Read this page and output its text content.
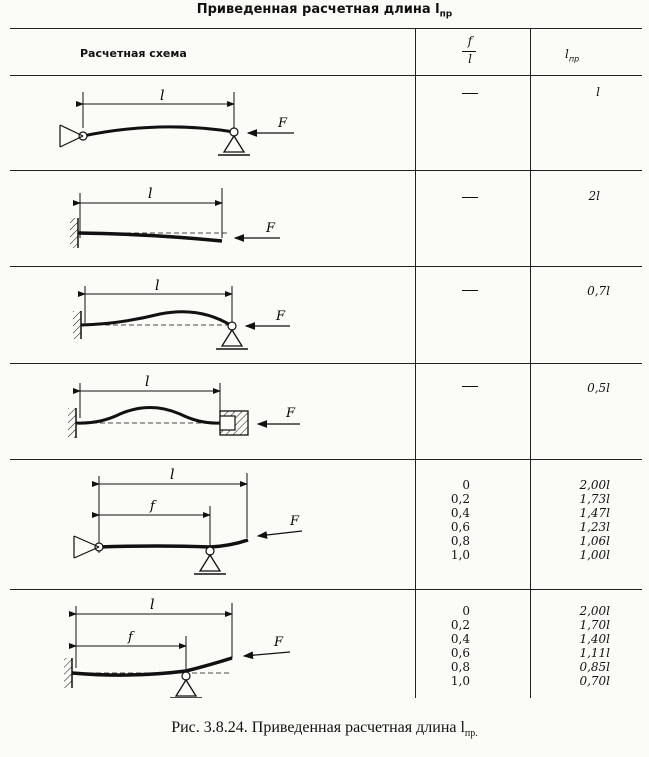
Приведенная расчетная длина $l_{пр}$
Расчетная схема
f
l	$l_{пр}$
l
2l
0,7l
0,5l
0
0,2
0,4
0,6
0,8
1,0
2,00l
1,73l
1,47l
1,23l
1,06l
1,00l
0
0,2
0,4
0,6
0,8
1,0
2,00l
1,70l
1,40l
1,11l
0,85l
0,70l
l
F
l
F
l
F
l
F
l
f
F
l
f	F
Рис. 3.8.24. Приведенная расчетная длина $l_{пр.}$
